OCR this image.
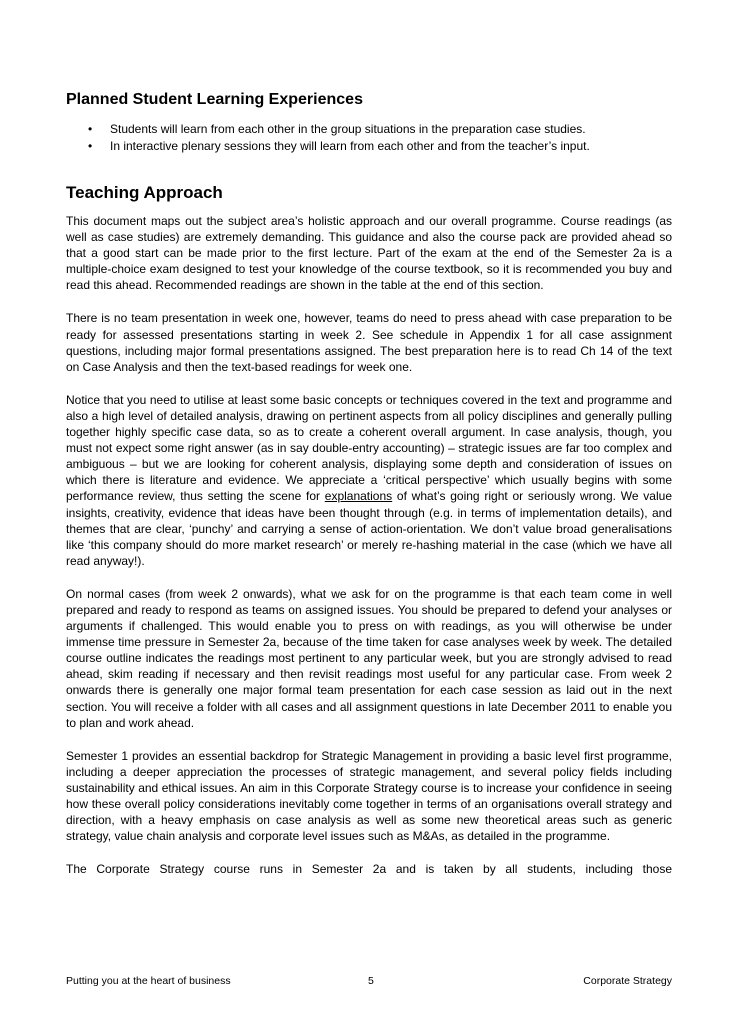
Planned Student Learning Experiences
• Students will learn from each other in the group situations in the preparation case studies.
• In interactive plenary sessions they will learn from each other and from the teacher’s input.
Teaching Approach

This document maps out the subject area’s holistic approach and our overall programme. Course readings (as well as case studies) are extremely demanding. This guidance and also the course pack are provided ahead so that a good start can be made prior to the first lecture. Part of the exam at the end of the Semester 2a is a multiple-choice exam designed to test your knowledge of the course textbook, so it is recommended you buy and read this ahead. Recommended readings are shown in the table at the end of this section.

There is no team presentation in week one, however, teams do need to press ahead with case preparation to be ready for assessed presentations starting in week 2. See schedule in Appendix 1 for all case assignment questions, including major formal presentations assigned. The best preparation here is to read Ch 14 of the text on Case Analysis and then the text-based readings for week one.

Notice that you need to utilise at least some basic concepts or techniques covered in the text and programme and also a high level of detailed analysis, drawing on pertinent aspects from all policy disciplines and generally pulling together highly specific case data, so as to create a coherent overall argument. In case analysis, though, you must not expect some right answer (as in say double-entry accounting) – strategic issues are far too complex and ambiguous – but we are looking for coherent analysis, displaying some depth and consideration of issues on which there is literature and evidence. We appreciate a ‘critical perspective’ which usually begins with some performance review, thus setting the scene for explanations of what’s going right or seriously wrong. We value insights, creativity, evidence that ideas have been thought through (e.g. in terms of implementation details), and themes that are clear, ‘punchy’ and carrying a sense of action-orientation. We don’t value broad generalisations like ‘this company should do more market research’ or merely re-hashing material in the case (which we have all read anyway!).

On normal cases (from week 2 onwards), what we ask for on the programme is that each team come in well prepared and ready to respond as teams on assigned issues. You should be prepared to defend your analyses or arguments if challenged. This would enable you to press on with readings, as you will otherwise be under immense time pressure in Semester 2a, because of the time taken for case analyses week by week. The detailed course outline indicates the readings most pertinent to any particular week, but you are strongly advised to read ahead, skim reading if necessary and then revisit readings most useful for any particular case. From week 2 onwards there is generally one major formal team presentation for each case session as laid out in the next section. You will receive a folder with all cases and all assignment questions in late December 2011 to enable you to plan and work ahead.

Semester 1 provides an essential backdrop for Strategic Management in providing a basic level first programme, including a deeper appreciation the processes of strategic management, and several policy fields including sustainability and ethical issues. An aim in this Corporate Strategy course is to increase your confidence in seeing how these overall policy considerations inevitably come together in terms of an organisations overall strategy and direction, with a heavy emphasis on case analysis as well as some new theoretical areas such as generic strategy, value chain analysis and corporate level issues such as M&As, as detailed in the programme.

The Corporate Strategy course runs in Semester 2a and is taken by all students, including those

Putting you at the heart of business	5	Corporate Strategy
